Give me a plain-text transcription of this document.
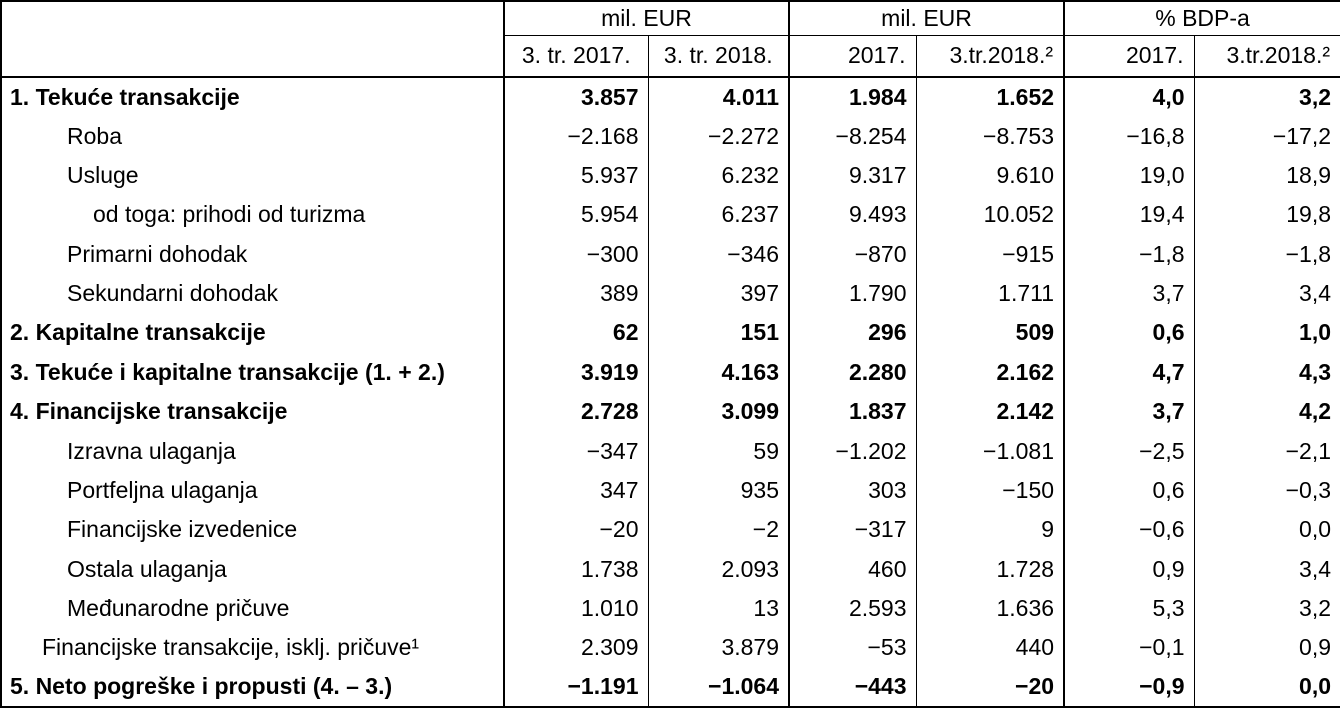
	mil. EUR		mil. EUR		% BDP-a	
	3. tr. 2017.	3. tr. 2018.	2017.	3.tr.2018.²	2017.	3.tr.2018.²
1. Tekuće transakcije	3.857	4.011	1.984	1.652	4,0	3,2
Roba	−2.168	−2.272	−8.254	−8.753	−16,8	−17,2
Usluge	5.937	6.232	9.317	9.610	19,0	18,9
od toga: prihodi od turizma	5.954	6.237	9.493	10.052	19,4	19,8
Primarni dohodak	−300	−346	−870	−915	−1,8	−1,8
Sekundarni dohodak	389	397	1.790	1.711	3,7	3,4
2. Kapitalne transakcije	62	151	296	509	0,6	1,0
3. Tekuće i kapitalne transakcije (1. + 2.)	3.919	4.163	2.280	2.162	4,7	4,3
4. Financijske transakcije	2.728	3.099	1.837	2.142	3,7	4,2
Izravna ulaganja	−347	59	−1.202	−1.081	−2,5	−2,1
Portfeljna ulaganja	347	935	303	−150	0,6	−0,3
Financijske izvedenice	−20	−2	−317	9	−0,6	0,0
Ostala ulaganja	1.738	2.093	460	1.728	0,9	3,4
Međunarodne pričuve	1.010	13	2.593	1.636	5,3	3,2
Financijske transakcije, isklj. pričuve¹	2.309	3.879	−53	440	−0,1	0,9
5. Neto pogreške i propusti (4. – 3.)	−1.191	−1.064	−443	−20	−0,9	0,0
